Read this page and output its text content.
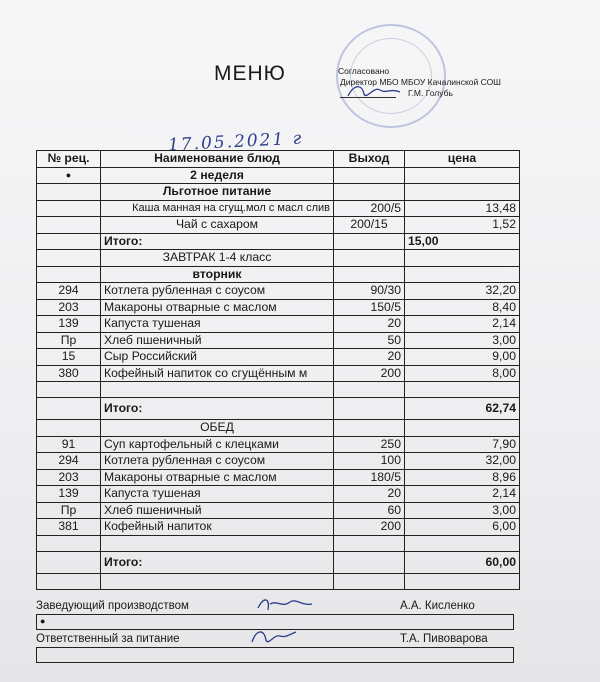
МЕНЮ	Согласовано
Директор МБО МБОУ Качалинской СОШ
Г.М. Голубь
17.05.2021 г
№ рец.	Наименование блюд	Выход	цена
●	2 неделя		
	Льготное питание		
	Каша манная на сгущ.мол с масл слив	200/5	13,48
	Чай с сахаром	200/15	1,52
	Итого:		15,00
	ЗАВТРАК 1-4 класс		
	вторник		
294	Котлета рубленная с соусом	90/30	32,20
203	Макароны отварные с маслом	150/5	8,40
139	Капуста тушеная	20	2,14
Пр	Хлеб пшеничный	50	3,00
15	Сыр Российский	20	9,00
380	Кофейный напиток со сгущённым м	200	8,00

	Итого:		62,74
	ОБЕД		
91	Суп картофельный с клецками	250	7,90
294	Котлета рубленная с соусом	100	32,00
203	Макароны отварные с маслом	180/5	8,96
139	Капуста тушеная	20	2,14
Пр	Хлеб пшеничный	60	3,00
381	Кофейный напиток	200	6,00

	Итого:		60,00

Заведующий производством	А.А. Кисленко
Ответственный за питание	Т.А. Пивоварова
●
